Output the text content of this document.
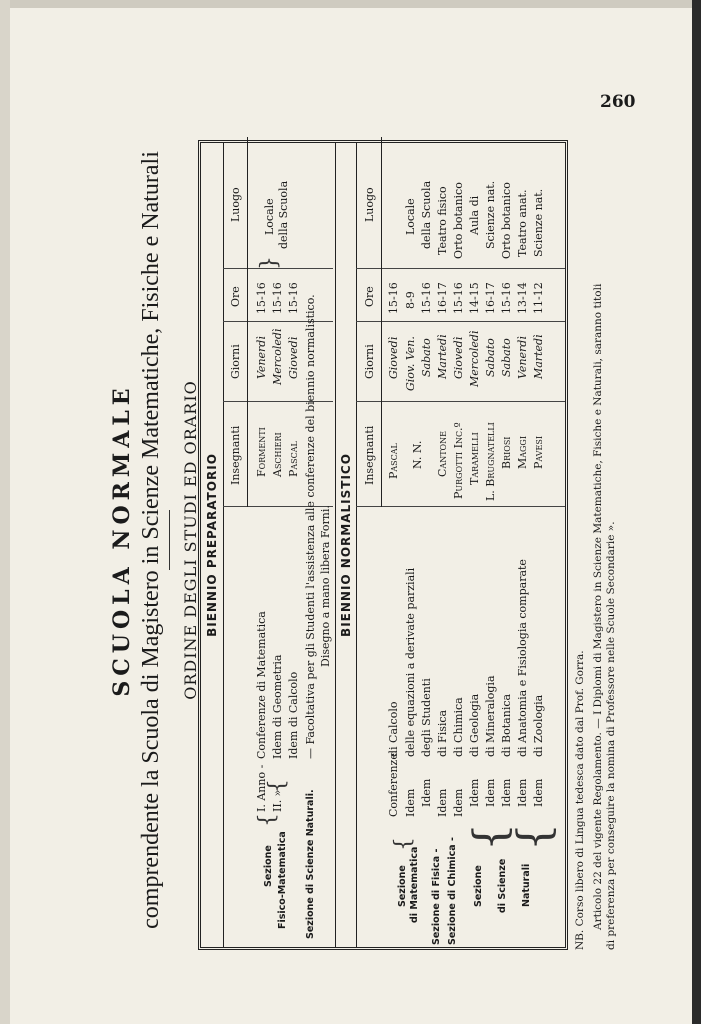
260
SCUOLA NORMALE comprendente la Scuola di Magistero in Scienze Matematiche, Fisiche e Naturali ORDINE DEGLI STUDI ED ORARIO BIENNIO PREPARATORIO Insegnanti
Giorni
Ore
Luogo
Sezione Fisico-Matematica
{
{
I. Anno -
Conferenze di Matematica
Formenti
Venerdì
15-16
II. »
Idem di Geometria
Aschieri
Mercoledì
15-16
Idem di Calcolo
Pascal
Giovedì
15-16
}
Locale della Scuola
Sezione di Scienze Naturali.
— Facoltativa per gli Studenti l'assistenza alle conferenze del biennio normalistico. Disegno a mano libera Forni. BIENNIO NORMALISTICO Insegnanti
Giorni
Ore
Luogo
Sezione di Matematica
{
Sezione di Fisica - Sezione di Chimica - Sezione di Scienze Naturali
{
{
Conferenze
di Calcolo
Pascal
Giovedì
15-16
Idem
delle equazioni a derivate parziali
N. N.
Giov. Ven.
8-9
Locale
Idem
degli Studenti
Sabato
15-16
della Scuola
Idem
di Fisica
Cantone
Martedì
16-17
Teatro fisico
Idem
di Chimica
Purgotti Inc.º
Giovedì
15-16
Orto botanico
Idem
di Geologia
Taramelli
Mercoledì
14-15
Aula di
Idem
di Mineralogia
L. Brugnatelli
Sabato
16-17
Scienze nat.
Idem
di Botanica
Briosi
Sabato
15-16
Orto botanico
Idem
di Anatomia e Fisiologia comparate
Maggi
Venerdì
13-14
Teatro anat.
Idem
di Zoologia
Pavesi
Martedì
11-12
Scienze nat.
NB. Corso libero di Lingua tedesca dato dal Prof. Gorra. Articolo 22 del vigente Regolamento. — I Diplomi di Magistero in Scienze Matematiche, Fisiche e Naturali, saranno titoli di preferenza per conseguire la nomina di Professore nelle Scuole Secondarie ».
